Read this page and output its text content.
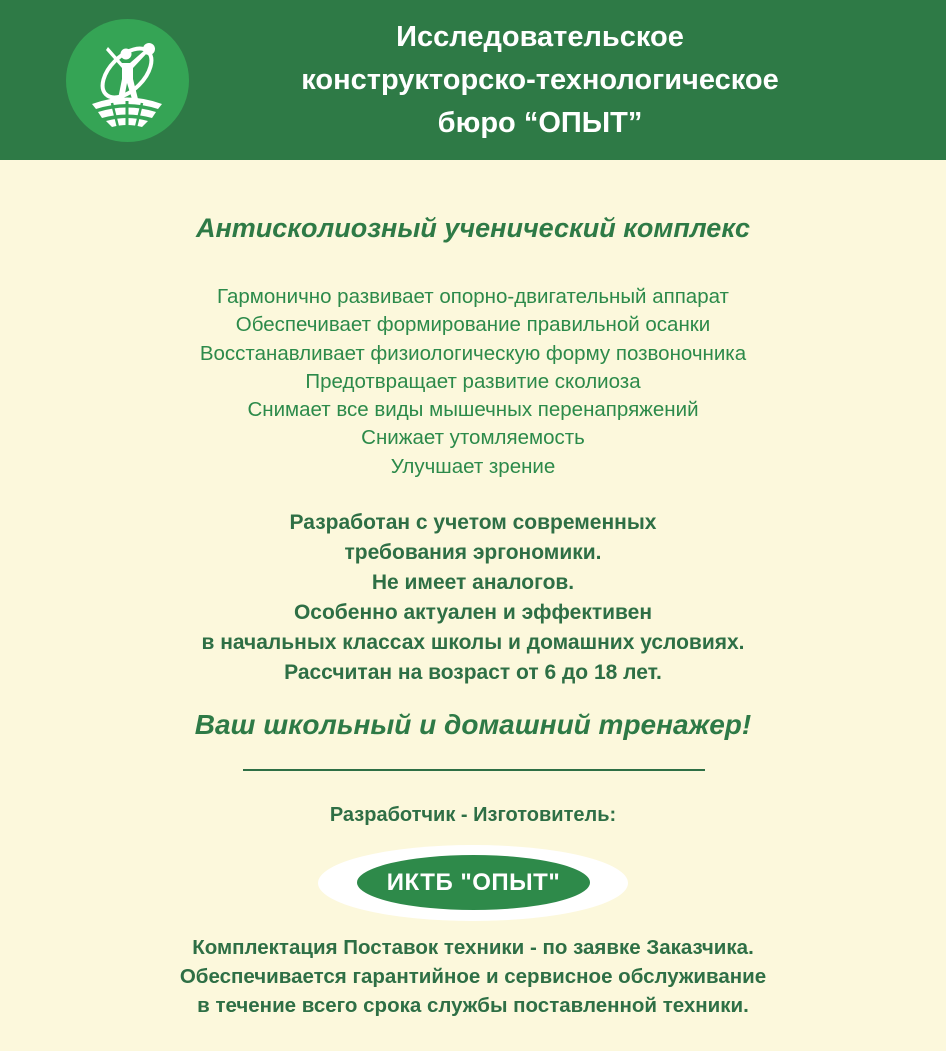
Исследовательское
конструкторско-технологическое
бюро “ОПЫТ”
Антисколиозный ученический комплекс
Гармонично развивает опорно-двигательный аппарат
Обеспечивает формирование правильной осанки
Восстанавливает физиологическую форму позвоночника
Предотвращает развитие сколиоза
Снимает все виды мышечных перенапряжений
Снижает утомляемость
Улучшает зрение
Разработан с учетом современных
требования эргономики.
Не имеет аналогов.
Особенно актуален и эффективен
в начальных классах школы и домашних условиях.
Рассчитан на возраст от 6 до 18 лет.
Ваш школьный и домашний тренажер!
Разработчик - Изготовитель:
ИКТБ "ОПЫТ"
Комплектация Поставок техники - по заявке Заказчика.
Обеспечивается гарантийное и сервисное обслуживание
в течение всего срока службы поставленной техники.
